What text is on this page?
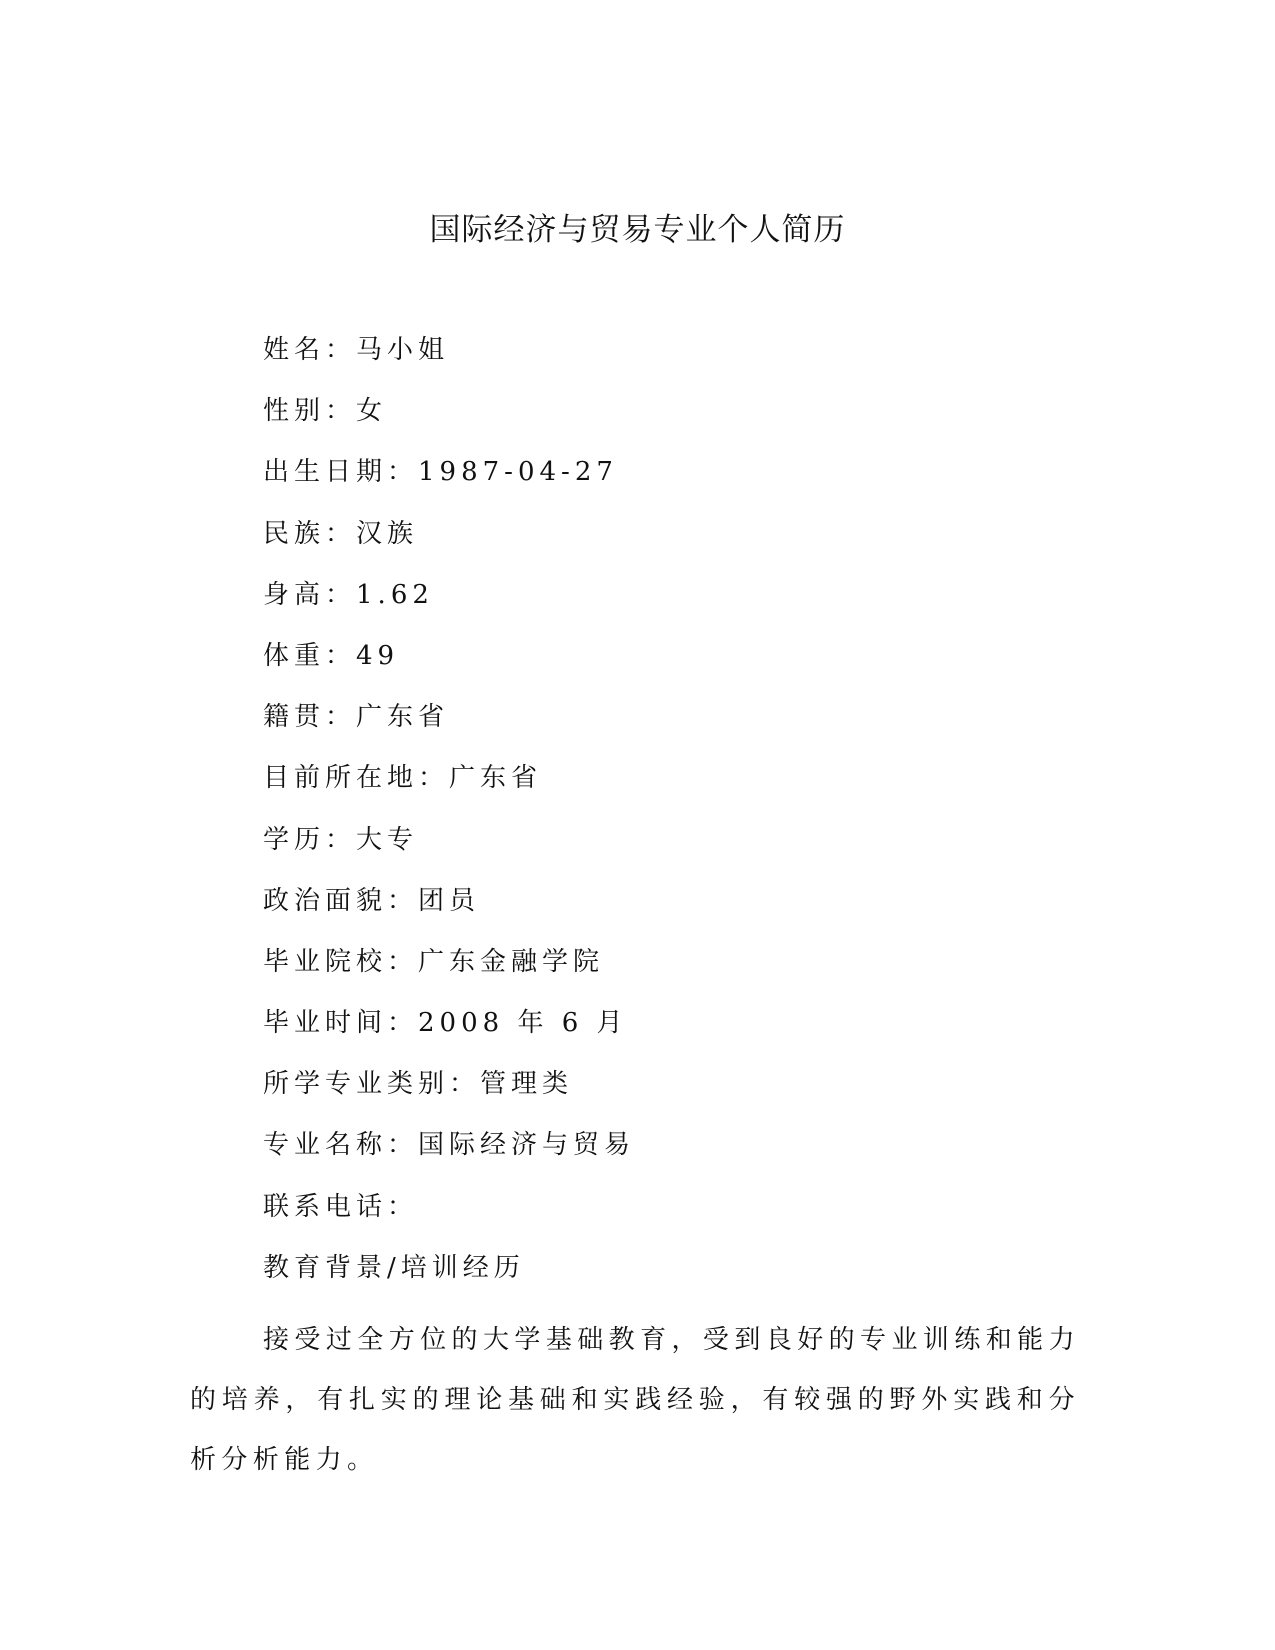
国际经济与贸易专业个人简历
姓名：马小姐
性别：女
出生日期：1987-04-27
民族：汉族
身高：1.62
体重：49
籍贯：广东省
目前所在地：广东省
学历：大专
政治面貌：团员
毕业院校：广东金融学院
毕业时间：2008 年 6 月
所学专业类别：管理类
专业名称：国际经济与贸易
联系电话：
教育背景/培训经历

接受过全方位的大学基础教育，受到良好的专业训练和能力的培养，有扎实的理论基础和实践经验，有较强的野外实践和分析分析能力。
